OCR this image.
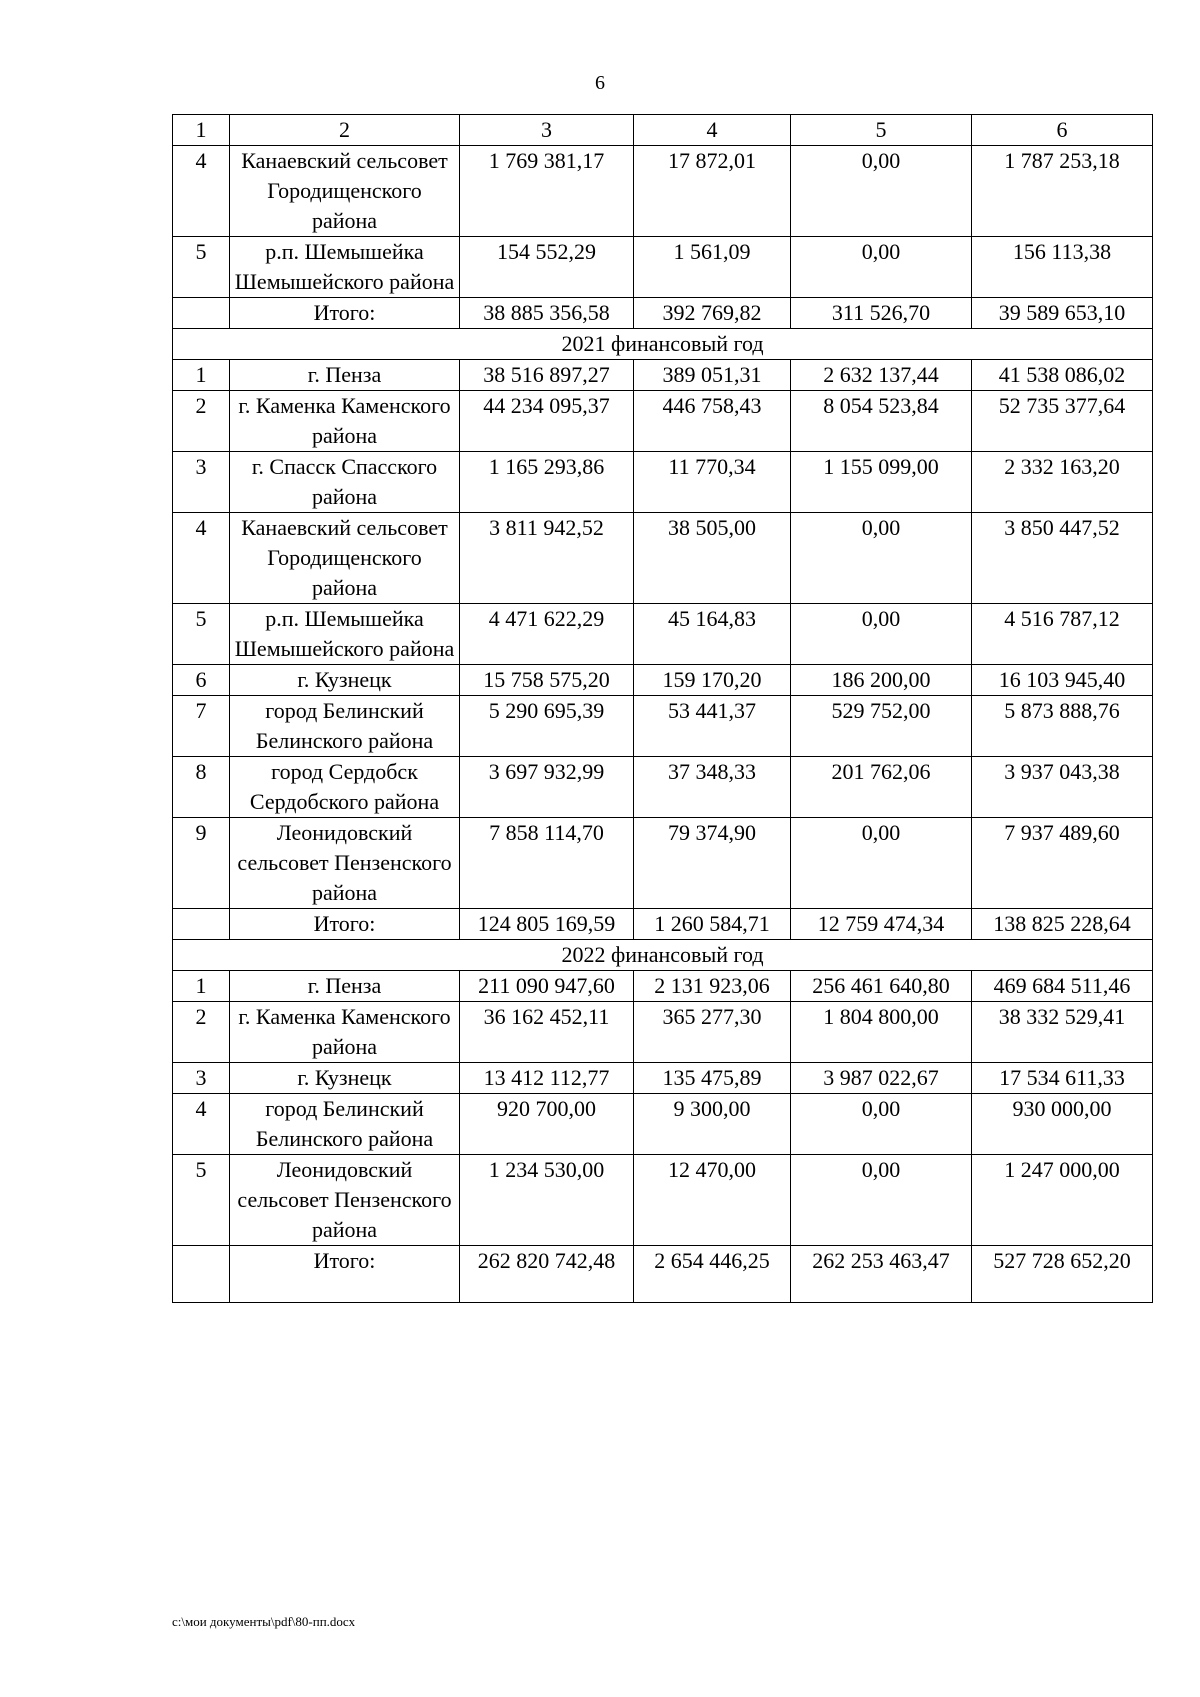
6
1	2	3	4	5	6
4	Канаевский сельсовет Городищенского района	1 769 381,17	17 872,01	0,00	1 787 253,18
5	р.п. Шемышейка Шемышейского района	154 552,29	1 561,09	0,00	156 113,38
	Итого:	38 885 356,58	392 769,82	311 526,70	39 589 653,10
2021 финансовый год					
1	г. Пенза	38 516 897,27	389 051,31	2 632 137,44	41 538 086,02
2	г. Каменка Каменского района	44 234 095,37	446 758,43	8 054 523,84	52 735 377,64
3	г. Спасск Спасского района	1 165 293,86	11 770,34	1 155 099,00	2 332 163,20
4	Канаевский сельсовет Городищенского района	3 811 942,52	38 505,00	0,00	3 850 447,52
5	р.п. Шемышейка Шемышейского района	4 471 622,29	45 164,83	0,00	4 516 787,12
6	г. Кузнецк	15 758 575,20	159 170,20	186 200,00	16 103 945,40
7	город Белинский Белинского района	5 290 695,39	53 441,37	529 752,00	5 873 888,76
8	город Сердобск Сердобского района	3 697 932,99	37 348,33	201 762,06	3 937 043,38
9	Леонидовский сельсовет Пензенского района	7 858 114,70	79 374,90	0,00	7 937 489,60
	Итого:	124 805 169,59	1 260 584,71	12 759 474,34	138 825 228,64
2022 финансовый год					
1	г. Пенза	211 090 947,60	2 131 923,06	256 461 640,80	469 684 511,46
2	г. Каменка Каменского района	36 162 452,11	365 277,30	1 804 800,00	38 332 529,41
3	г. Кузнецк	13 412 112,77	135 475,89	3 987 022,67	17 534 611,33
4	город Белинский Белинского района	920 700,00	9 300,00	0,00	930 000,00
5	Леонидовский сельсовет Пензенского района	1 234 530,00	12 470,00	0,00	1 247 000,00
	Итого:	262 820 742,48	2 654 446,25	262 253 463,47	527 728 652,20
c:\мои документы\pdf\80-пп.docx
